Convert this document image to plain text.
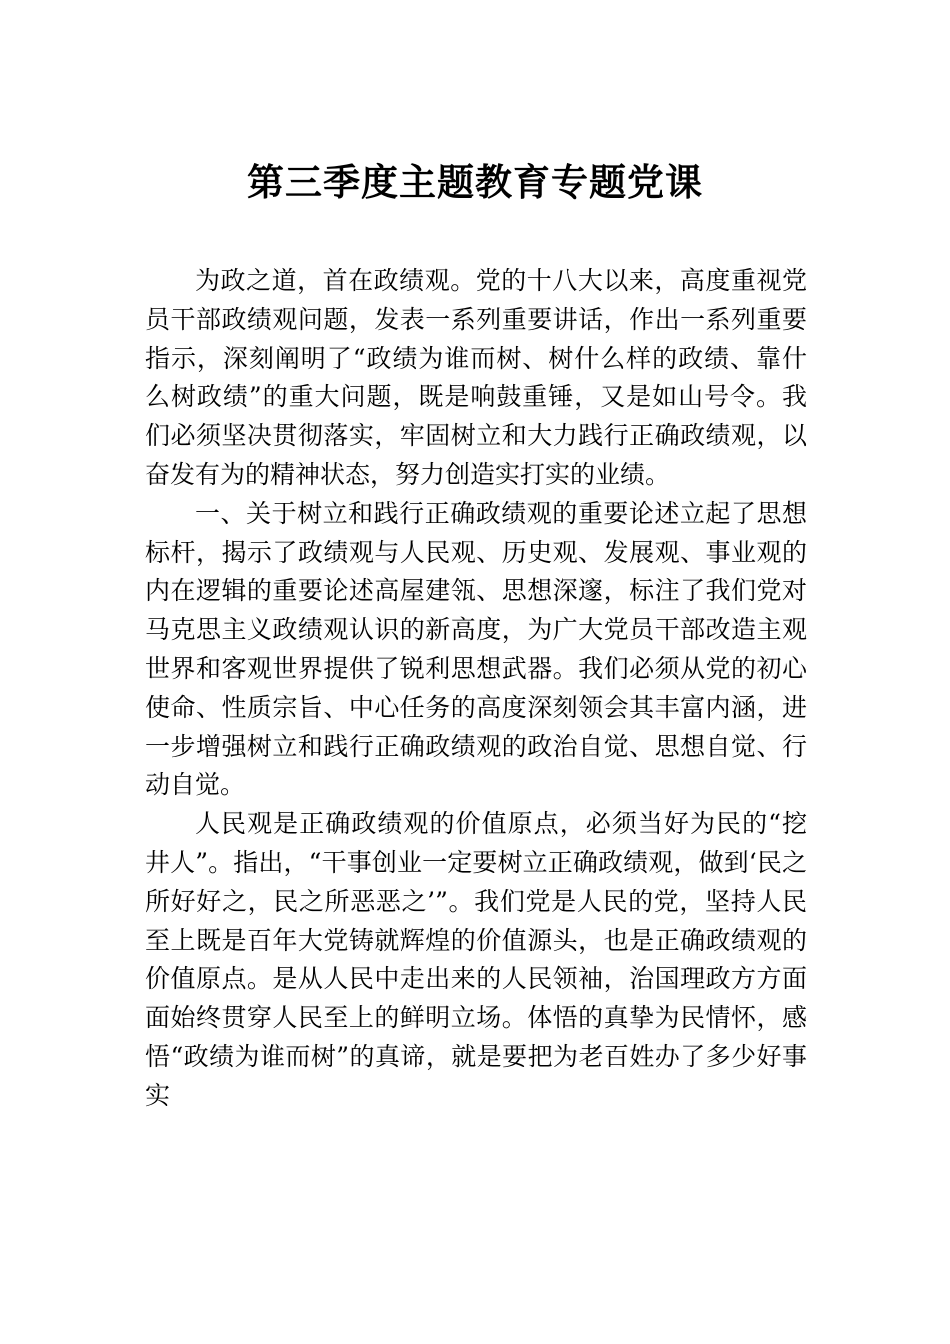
第三季度主题教育专题党课

为政之道，首在政绩观。党的十八大以来，高度重视党员干部政绩观问题，发表一系列重要讲话，作出一系列重要指示，深刻阐明了“政绩为谁而树、树什么样的政绩、靠什么树政绩”的重大问题，既是响鼓重锤，又是如山号令。我们必须坚决贯彻落实，牢固树立和大力践行正确政绩观，以奋发有为的精神状态，努力创造实打实的业绩。

一、关于树立和践行正确政绩观的重要论述立起了思想标杆，揭示了政绩观与人民观、历史观、发展观、事业观的内在逻辑的重要论述高屋建瓴、思想深邃，标注了我们党对马克思主义政绩观认识的新高度，为广大党员干部改造主观世界和客观世界提供了锐利思想武器。我们必须从党的初心使命、性质宗旨、中心任务的高度深刻领会其丰富内涵，进一步增强树立和践行正确政绩观的政治自觉、思想自觉、行动自觉。

人民观是正确政绩观的价值原点，必须当好为民的“挖井人”。指出，“干事创业一定要树立正确政绩观，做到‘民之所好好之，民之所恶恶之’”。我们党是人民的党，坚持人民至上既是百年大党铸就辉煌的价值源头，也是正确政绩观的价值原点。是从人民中走出来的人民领袖，治国理政方方面面始终贯穿人民至上的鲜明立场。体悟的真挚为民情怀，感悟“政绩为谁而树”的真谛，就是要把为老百姓办了多少好事实
